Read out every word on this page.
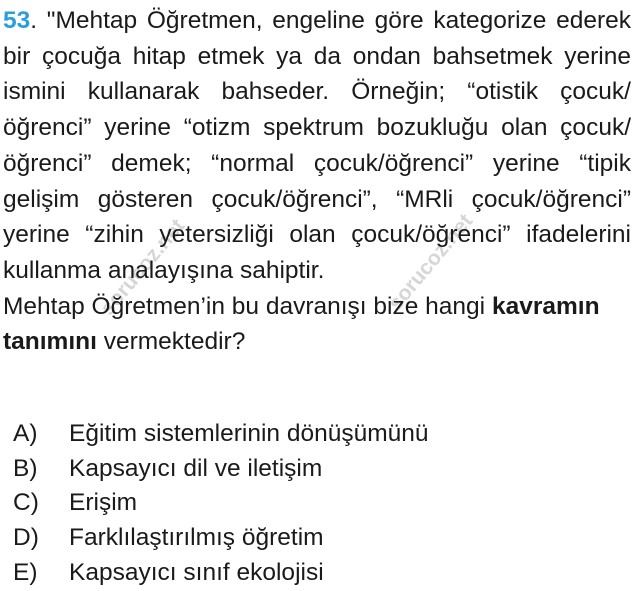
sorucoz.net	sorucoz.net

53. "Mehtap Öğretmen, engeline göre kategorize ederek bir çocuğa hitap etmek ya da ondan bahsetmek yerine ismini kullanarak bahseder. Örneğin; “otistik çocuk/öğrenci” yerine “otizm spektrum bozukluğu olan çocuk/öğrenci” demek; “normal çocuk/öğrenci” yerine “tipik gelişim gösteren çocuk/öğrenci”, “MRli çocuk/öğrenci” yerine “zihin yetersizliği olan çocuk/öğrenci” ifadelerini kullanma analayışına sahiptir.

Mehtap Öğretmen’in bu davranışı bize hangi kavramın tanımını vermektedir?

A)	Eğitim sistemlerinin dönüşümünü
B)	Kapsayıcı dil ve iletişim
C)	Erişim
D)	Farklılaştırılmış öğretim
E)	Kapsayıcı sınıf ekolojisi
